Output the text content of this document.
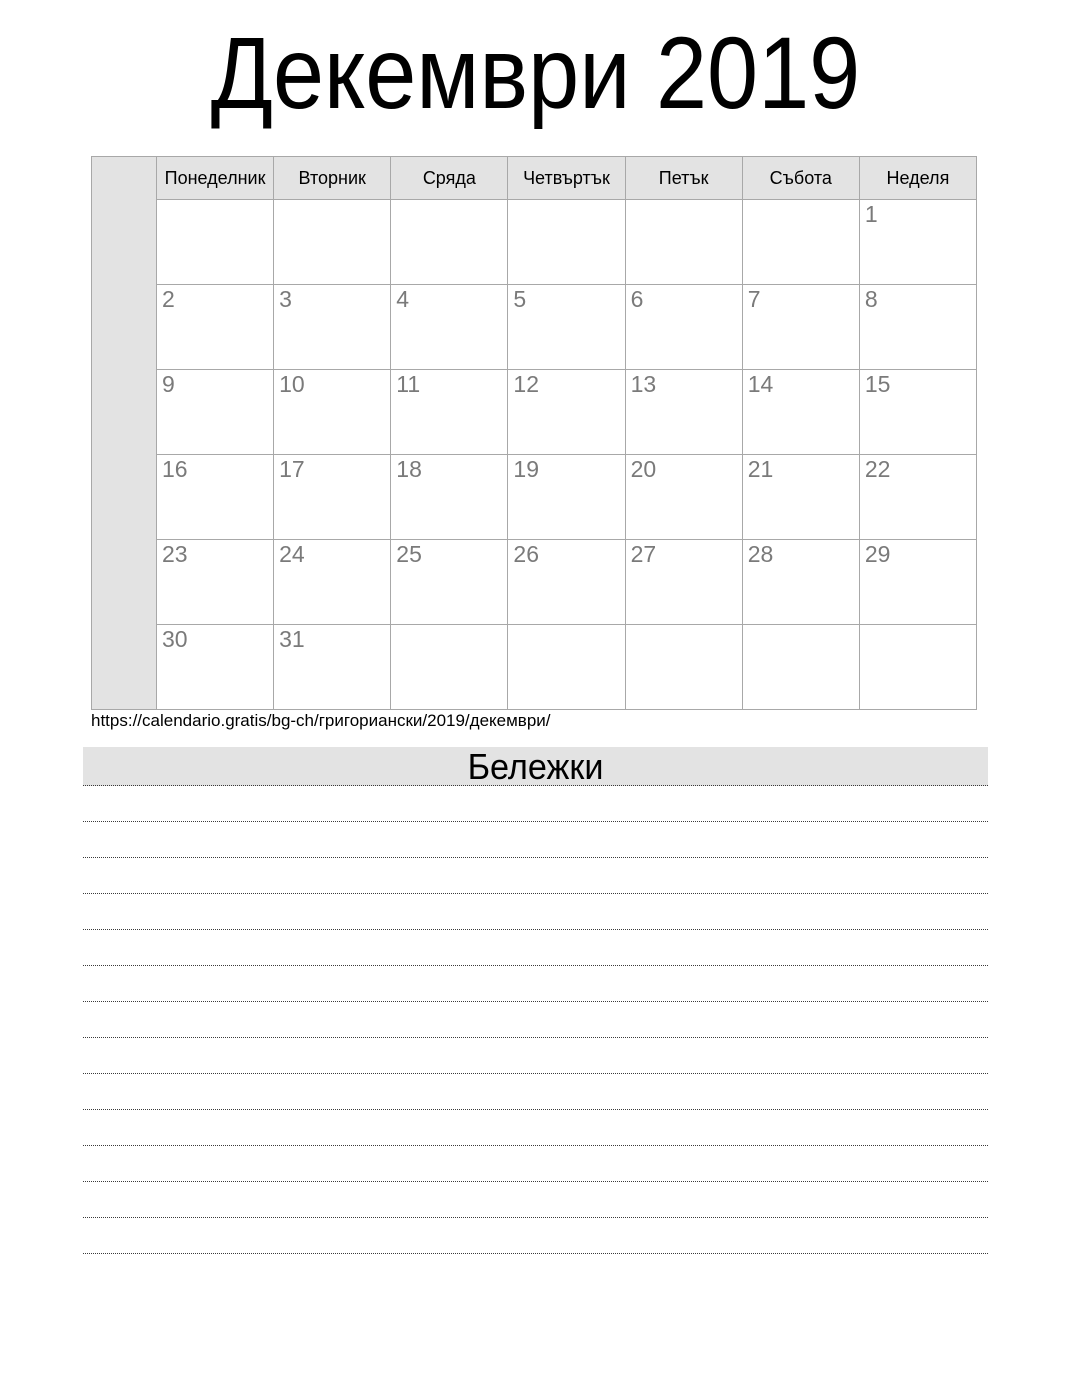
Декември 2019
	Понеделник	Вторник	Сряда	Четвъртък	Петък	Събота	Неделя
							1
	2	3	4	5	6	7	8
	9	10	11	12	13	14	15
	16	17	18	19	20	21	22
	23	24	25	26	27	28	29
	30	31					
https://calendario.gratis/bg-ch/григориански/2019/декември/
Бележки
